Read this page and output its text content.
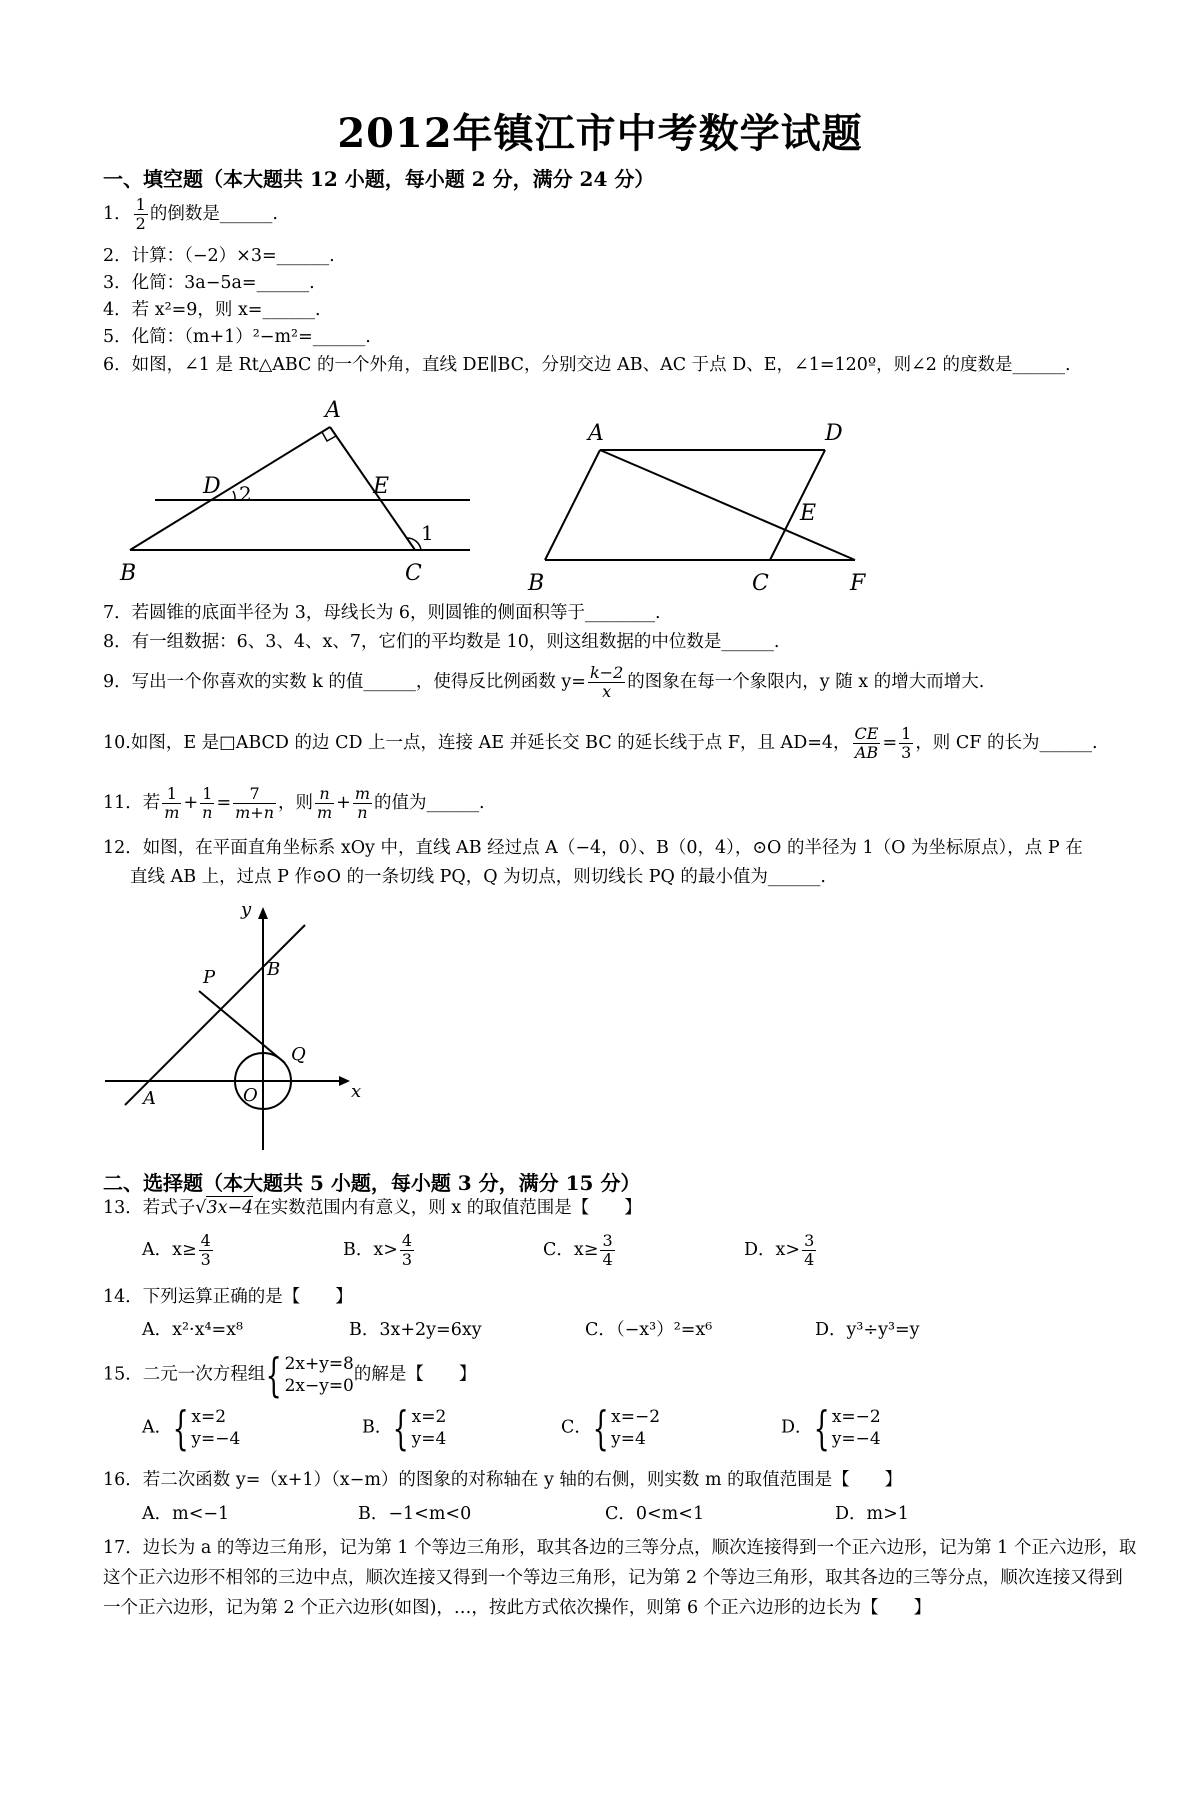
2012年镇江市中考数学试题
一、填空题（本大题共 12 小题，每小题 2 分，满分 24 分）
1． $\frac{1}{2}$ 的倒数是______.
2．计算：（−2）×3=______.
3．化简：3a−5a=______.
4．若 x²=9，则 x=______.
5．化简：（m+1）²−m²=______.
6．如图，∠1 是 Rt△ABC 的一个外角，直线 DE∥BC，分别交边 AB、AC 于点 D、E，∠1=120º，则∠2 的度数是______.
A
D 2	E
1
B	C
A	D
E
B	C	F
7．若圆锥的底面半径为 3，母线长为 6，则圆锥的侧面积等于________.
8．有一组数据：6、3、4、x、7，它们的平均数是 10，则这组数据的中位数是______.
9．写出一个你喜欢的实数 k 的值______，使得反比例函数 $y= \frac{k-2}{x}$ 的图象在每一个象限内，y 随 x 的增大而增大.
10.如图，E 是□ABCD 的边 CD 上一点，连接 AE 并延长交 BC 的延长线于点 F，且 AD=4， $\frac{CE}{AB} = \frac{1}{3}$ ，则 CF 的长为______.
11．若 $\frac{1}{m} + \frac{1}{n} = \frac{7}{m+n}$ ，则 $\frac{n}{m} + \frac{m}{n}$ 的值为______.
12．如图，在平面直角坐标系 xOy 中，直线 AB 经过点 A（−4，0）、B（0，4），⊙O 的半径为 1（O 为坐标原点），点 P 在
直线 AB 上，过点 P 作⊙O 的一条切线 PQ，Q 为切点，则切线长 PQ 的最小值为______.
y
B
P
Q
A	O	x
二、选择题（本大题共 5 小题，每小题 3 分，满分 15 分）
13．若式子√3x−4在实数范围内有意义，则 x 的取值范围是【　　】
A．$x\ge \frac{4}{3}$	B．$x> \frac{4}{3}$	C．$x\ge \frac{3}{4}$	D．$x> \frac{3}{4}$
14．下列运算正确的是【　　】
A．x²·x⁴=x⁸	B．3x+2y=6xy	C．（−x³）²=x⁶	D．y³÷y³=y
15．二元一次方程组{ 2x+y=8
2x−y=0
的解是【　　】
A．{ x=2
y=−4
B．{ x=2
y=4
C．{ x=−2
y=4
D．{ x=−2
y=−4
16．若二次函数 y=（x+1）（x−m）的图象的对称轴在 y 轴的右侧，则实数 m 的取值范围是【　　】
A．m<−1	B．−1<m<0	C．0<m<1	D．m>1
17．边长为 a 的等边三角形，记为第 1 个等边三角形，取其各边的三等分点，顺次连接得到一个正六边形，记为第 1 个正六边形，取这个正六边形不相邻的三边中点，顺次连接又得到一个等边三角形，记为第 2 个等边三角形，取其各边的三等分点，顺次连接又得到一个正六边形，记为第 2 个正六边形(如图)，…，按此方式依次操作，则第 6 个正六边形的边长为【　　】
